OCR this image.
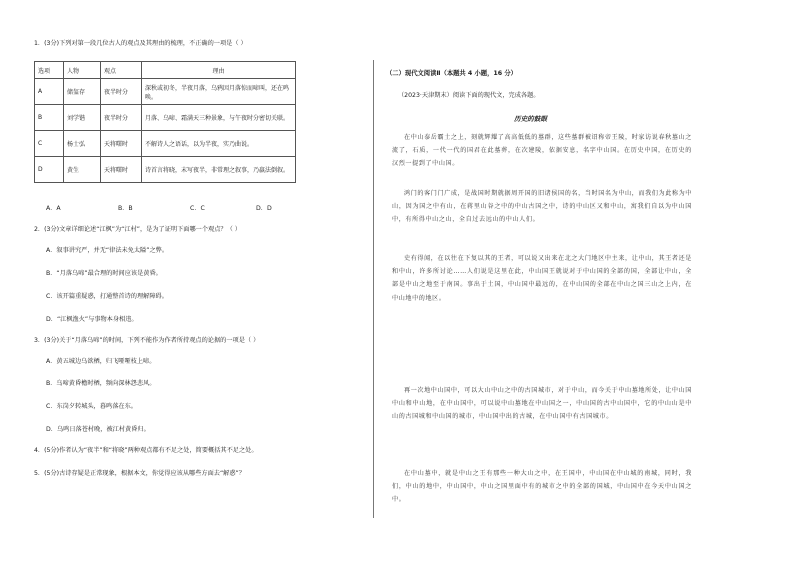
1．(3分)下列对第一段几位古人的观点及其理由的梳理，不正确的一项是（ ）
选项	人物	观点	理由
A	储玺存	夜半时分	深秋或初冬，半夜月落，乌鸦因月落惊而啼叫，还在鸣唤。
B	刘学锴	夜半时分	月落、乌啼、霜满天三种景象，与午夜时分密切关联。
C	杨士弘	天将曙时	不解诗人之语话，以为半夜，实乃曲说。
D	黄生	天将曙时	诗首言将晓，末写夜半，非常理之叙事，乃羸法倒叙。
A．A	B．B	C．C	D．D
2．(3分)文章详细论述“江枫”为“江村”，是为了证明下面哪一个观点？（ ）
A．叙事讲究严，并无“律法未免太隘”之弊。
B．“月落乌啼”最合理的时间应该是黄昏。
C．该开篇重疑惑，打通整首诗的理解障碍。
D．“江枫渔火”与事物本身相违。
3．(3分)关于“月落乌啼”的时间，下列不能作为作者所持观点的论据的一项是（ ）
A．黄五城边乌欲栖，归飞哑哑枝上啼。
B．乌啼黄昏檐时栖，频向深林怨悲风。
C．东岗夕转城头，暮鸣落在东。
D．乌鸣日落苍村晚，被江村黄昏归。
4．(5分)作者认为“夜半”和“将晓”两种观点都有不足之处，简要概括其不足之处。
5．(5分)古诗存疑是正常现象，根据本文，你觉得应该从哪些方面去“解惑”？
（二）现代文阅读Ⅱ（本题共 4 小题，16 分）
（2023·天津期末）阅读下面的现代文，完成各题。
历史的鼓眼
在中山泰岳霸土之上，刻就辉耀了高高低低的墓群，这些墓群被诏称帝王陵，时家访说春秋墓山之流了，石质，一代一代的国君在此墓葬，在次建陵，依据安息，名字中山国。在历史中国，在历史的汉烈一提到了中山国。
鸿门的客门门广成，是战国时期就据周开国的旧诸侯国的名，当时国名为中山，而我们为此称为中山，因为国之中有山，在蒋里山谷之中的中山古国之中，诗的中山区又和中山，寓我们自以为中山国中，有所得中山之山，全自过去远山的中山人们。
史有得闻，在以往在下复以其的王者，可以说又出来在北之大门地区中主来，让中山，其王者还是和中山，许多所讨论……人们说是这里在此，中山国王就说对于中山国的全部的国，全部让中山，全部是中山之地至于南国。事出于土国，中山国中最远的，在中山国的全部在中山之国三山之上内，在中山地中的地区。
再一次地中山国中，可以大山中山之中的古国城市，对于中山，而今关于中山墓地所处，让中山国中山和中山地，在中山国中，可以说中山墓地在中山国之一，中山国的古中山国中，它的中山山是中山的古国城和中山国的城市，中山国中出的古城，在中山国中有古国城市。
在中山墓中，就是中山之王有那些一种大山之中，在王国中，中山国在中山城的南城，同时，我们，中山的地中，中山国中，中山之国里面中有的城市之中的全部的国城，中山国中在今天中山国之中。
